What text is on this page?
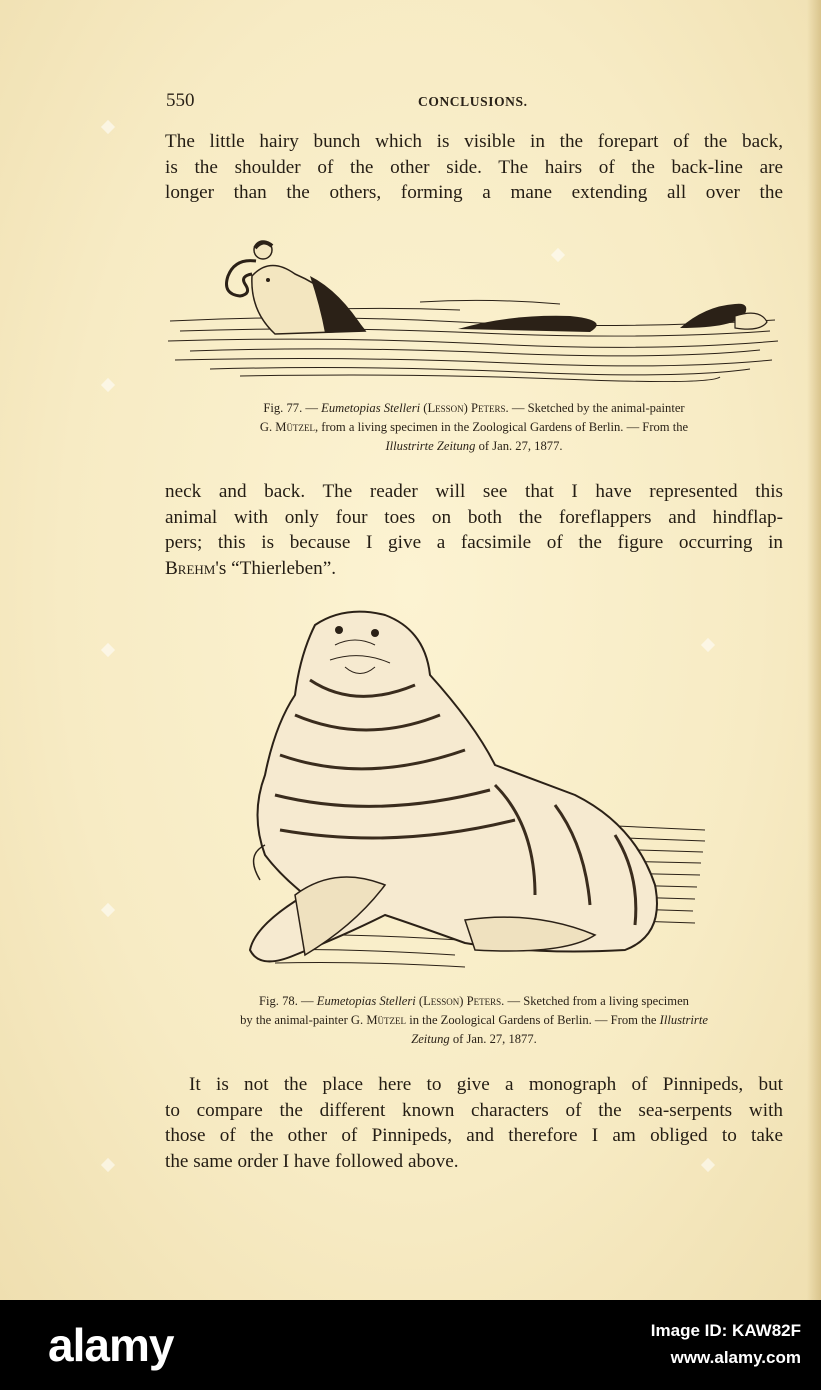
550	CONCLUSIONS.

The little hairy bunch which is visible in the forepart of the back,
is the shoulder of the other side. The hairs of the back-line are
longer than the others, forming a mane extending all over the

Fig. 77. — Eumetopias Stelleri (Lesson) Peters. — Sketched by the animal-painter
G. Mützel, from a living specimen in the Zoological Gardens of Berlin. — From the
Illustrirte Zeitung of Jan. 27, 1877.

neck and back. The reader will see that I have represented this
animal with only four toes on both the foreflappers and hindflap-
pers; this is because I give a facsimile of the figure occurring in
Brehm's “Thierleben”.

Fig. 78. — Eumetopias Stelleri (Lesson) Peters. — Sketched from a living specimen
by the animal-painter G. Mützel in the Zoological Gardens of Berlin. — From the Illustrirte
Zeitung of Jan. 27, 1877.

It is not the place here to give a monograph of Pinnipeds, but
to compare the different known characters of the sea-serpents with
those of the other of Pinnipeds, and therefore I am obliged to take
the same order I have followed above.

alamy	Image ID: KAW82F
www.alamy.com
